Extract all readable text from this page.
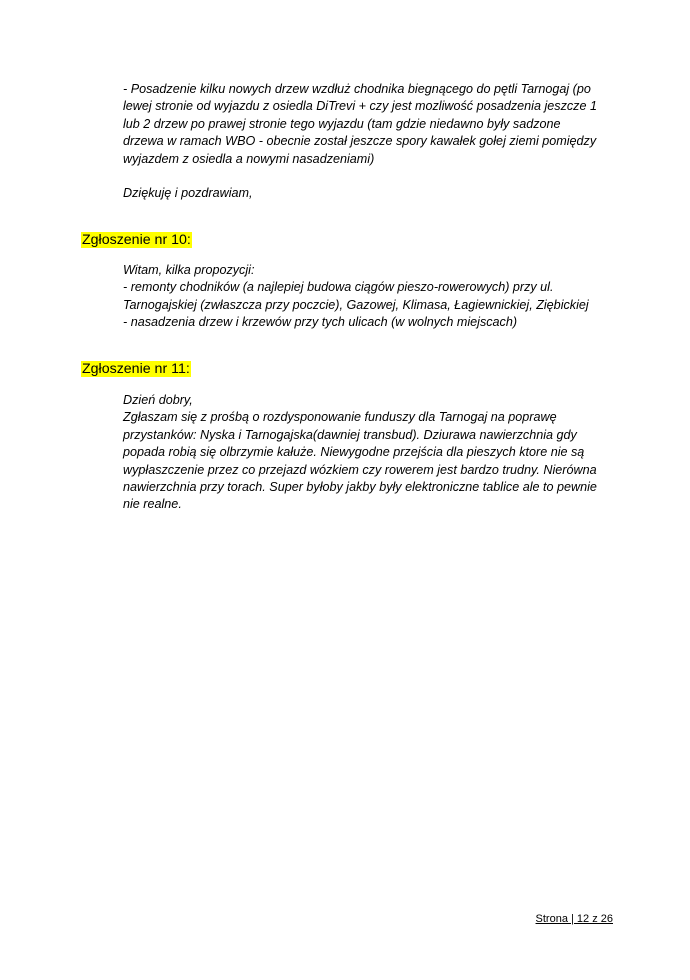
- Posadzenie kilku nowych drzew wzdłuż chodnika biegnącego do pętli Tarnogaj (po
lewej stronie od wyjazdu z osiedla DiTrevi + czy jest mozliwość posadzenia jeszcze 1
lub 2 drzew po prawej stronie tego wyjazdu (tam gdzie niedawno były sadzone
drzewa w ramach WBO - obecnie został jeszcze spory kawałek gołej ziemi pomiędzy
wyjazdem z osiedla a nowymi nasadzeniami)

Dziękuję i pozdrawiam,

Zgłoszenie nr 10:

Witam, kilka propozycji:
- remonty chodników (a najlepiej budowa ciągów pieszo-rowerowych) przy ul.
Tarnogajskiej (zwłaszcza przy poczcie), Gazowej, Klimasa, Łagiewnickiej, Ziębickiej
- nasadzenia drzew i krzewów przy tych ulicach (w wolnych miejscach)

Zgłoszenie nr 11:

Dzień dobry,
Zgłaszam się z prośbą o rozdysponowanie funduszy dla Tarnogaj na poprawę
przystanków: Nyska i Tarnogajska(dawniej transbud). Dziurawa nawierzchnia gdy
popada robią się olbrzymie kałuże. Niewygodne przejścia dla pieszych ktore nie są
wypłaszczenie przez co przejazd wózkiem czy rowerem jest bardzo trudny. Nierówna
nawierzchnia przy torach. Super byłoby jakby były elektroniczne tablice ale to pewnie
nie realne.

Strona | 12 z 26
